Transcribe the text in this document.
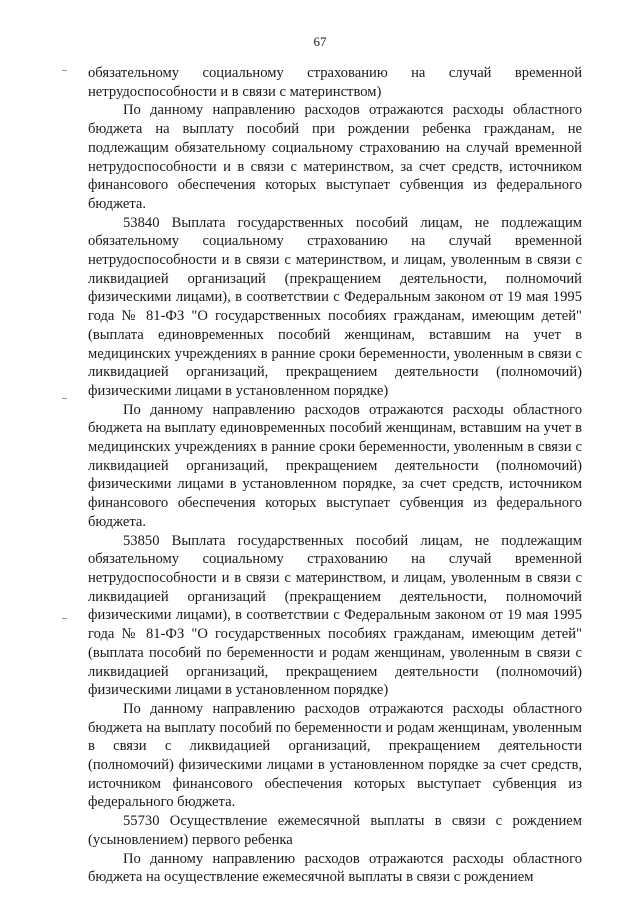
67

обязательному социальному страхованию на случай временной нетрудоспособности и в связи с материнством)

По данному направлению расходов отражаются расходы областного бюджета на выплату пособий при рождении ребенка гражданам, не подлежащим обязательному социальному страхованию на случай временной нетрудоспособности и в связи с материнством, за счет средств, источником финансового обеспечения которых выступает субвенция из федерального бюджета.

53840 Выплата государственных пособий лицам, не подлежащим обязательному социальному страхованию на случай временной нетрудоспособности и в связи с материнством, и лицам, уволенным в связи с ликвидацией организаций (прекращением деятельности, полномочий физическими лицами), в соответствии с Федеральным законом от 19 мая 1995 года № 81-ФЗ "О государственных пособиях гражданам, имеющим детей" (выплата единовременных пособий женщинам, вставшим на учет в медицинских учреждениях в ранние сроки беременности, уволенным в связи с ликвидацией организаций, прекращением деятельности (полномочий) физическими лицами в установленном порядке)

По данному направлению расходов отражаются расходы областного бюджета на выплату единовременных пособий женщинам, вставшим на учет в медицинских учреждениях в ранние сроки беременности, уволенным в связи с ликвидацией организаций, прекращением деятельности (полномочий) физическими лицами в установленном порядке, за счет средств, источником финансового обеспечения которых выступает субвенция из федерального бюджета.

53850 Выплата государственных пособий лицам, не подлежащим обязательному социальному страхованию на случай временной нетрудоспособности и в связи с материнством, и лицам, уволенным в связи с ликвидацией организаций (прекращением деятельности, полномочий физическими лицами), в соответствии с Федеральным законом от 19 мая 1995 года № 81-ФЗ "О государственных пособиях гражданам, имеющим детей" (выплата пособий по беременности и родам женщинам, уволенным в связи с ликвидацией организаций, прекращением деятельности (полномочий) физическими лицами в установленном порядке)

По данному направлению расходов отражаются расходы областного бюджета на выплату пособий по беременности и родам женщинам, уволенным в связи с ликвидацией организаций, прекращением деятельности (полномочий) физическими лицами в установленном порядке за счет средств, источником финансового обеспечения которых выступает субвенция из федерального бюджета.

55730 Осуществление ежемесячной выплаты в связи с рождением (усыновлением) первого ребенка

По данному направлению расходов отражаются расходы областного бюджета на осуществление ежемесячной выплаты в связи с рождением
